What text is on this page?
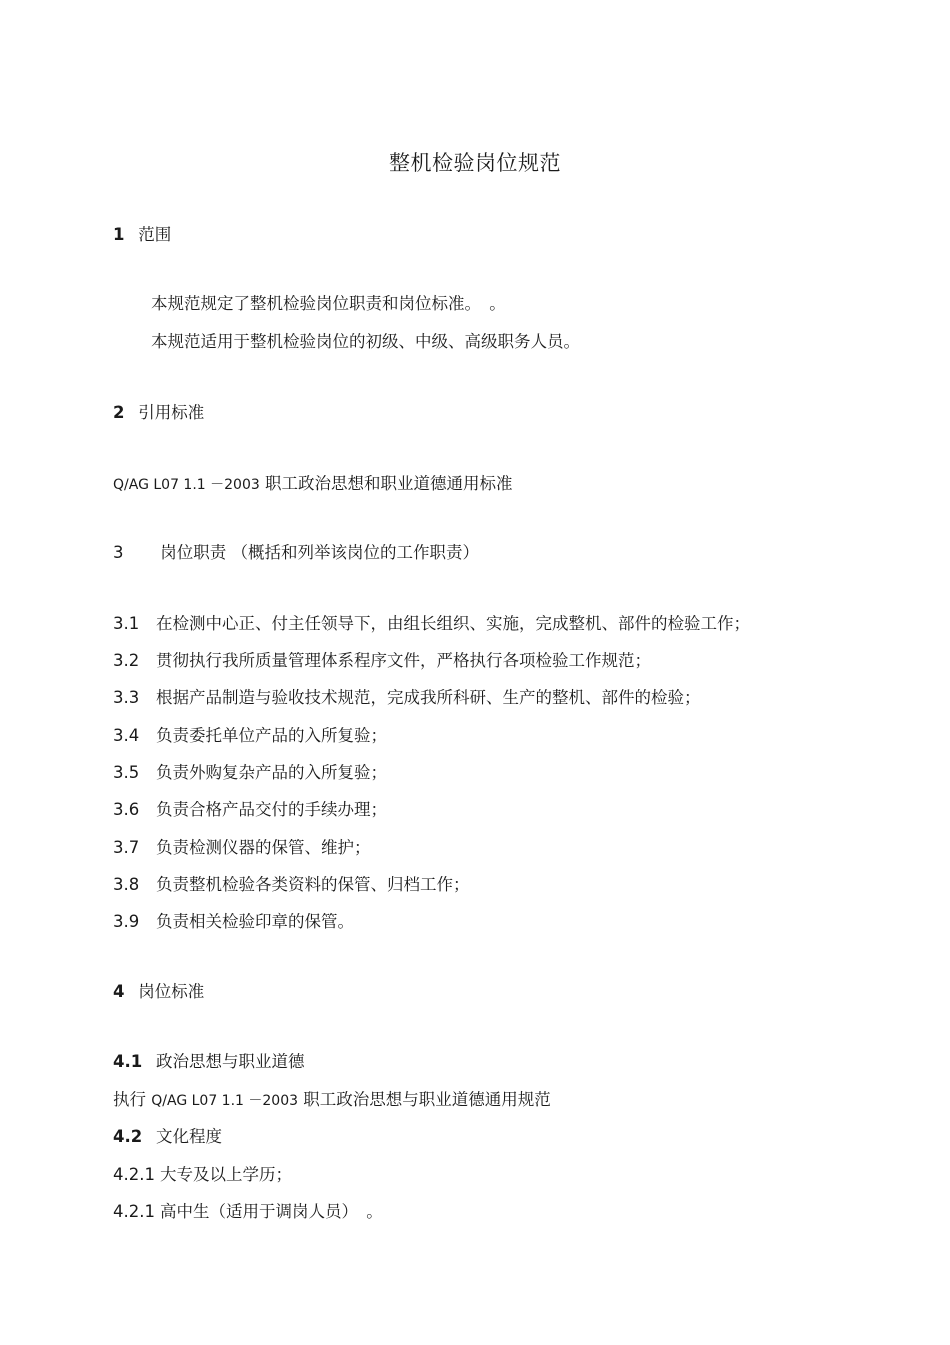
整机检验岗位规范
1 范围
本规范规定了整机检验岗位职责和岗位标准。　。
本规范适用于整机检验岗位的初级、中级、高级职务人员。
2 引用标准
Q/AG L07 1.1 －2003 职工政治思想和职业道德通用标准
3 岗位职责 （概括和列举该岗位的工作职责）
3.1 在检测中心正、付主任领导下，由组长组织、实施，完成整机、部件的检验工作；
3.2 贯彻执行我所质量管理体系程序文件，严格执行各项检验工作规范；
3.3 根据产品制造与验收技术规范，完成我所科研、生产的整机、部件的检验；
3.4 负责委托单位产品的入所复验；
3.5 负责外购复杂产品的入所复验；
3.6 负责合格产品交付的手续办理；
3.7 负责检测仪器的保管、维护；
3.8 负责整机检验各类资料的保管、归档工作；
3.9 负责相关检验印章的保管。
4 岗位标准
4.1 政治思想与职业道德
执行 Q/AG L07 1.1 －2003 职工政治思想与职业道德通用规范
4.2 文化程度
4.2.1 大专及以上学历；
4.2.1 高中生（适用于调岗人员）　。
